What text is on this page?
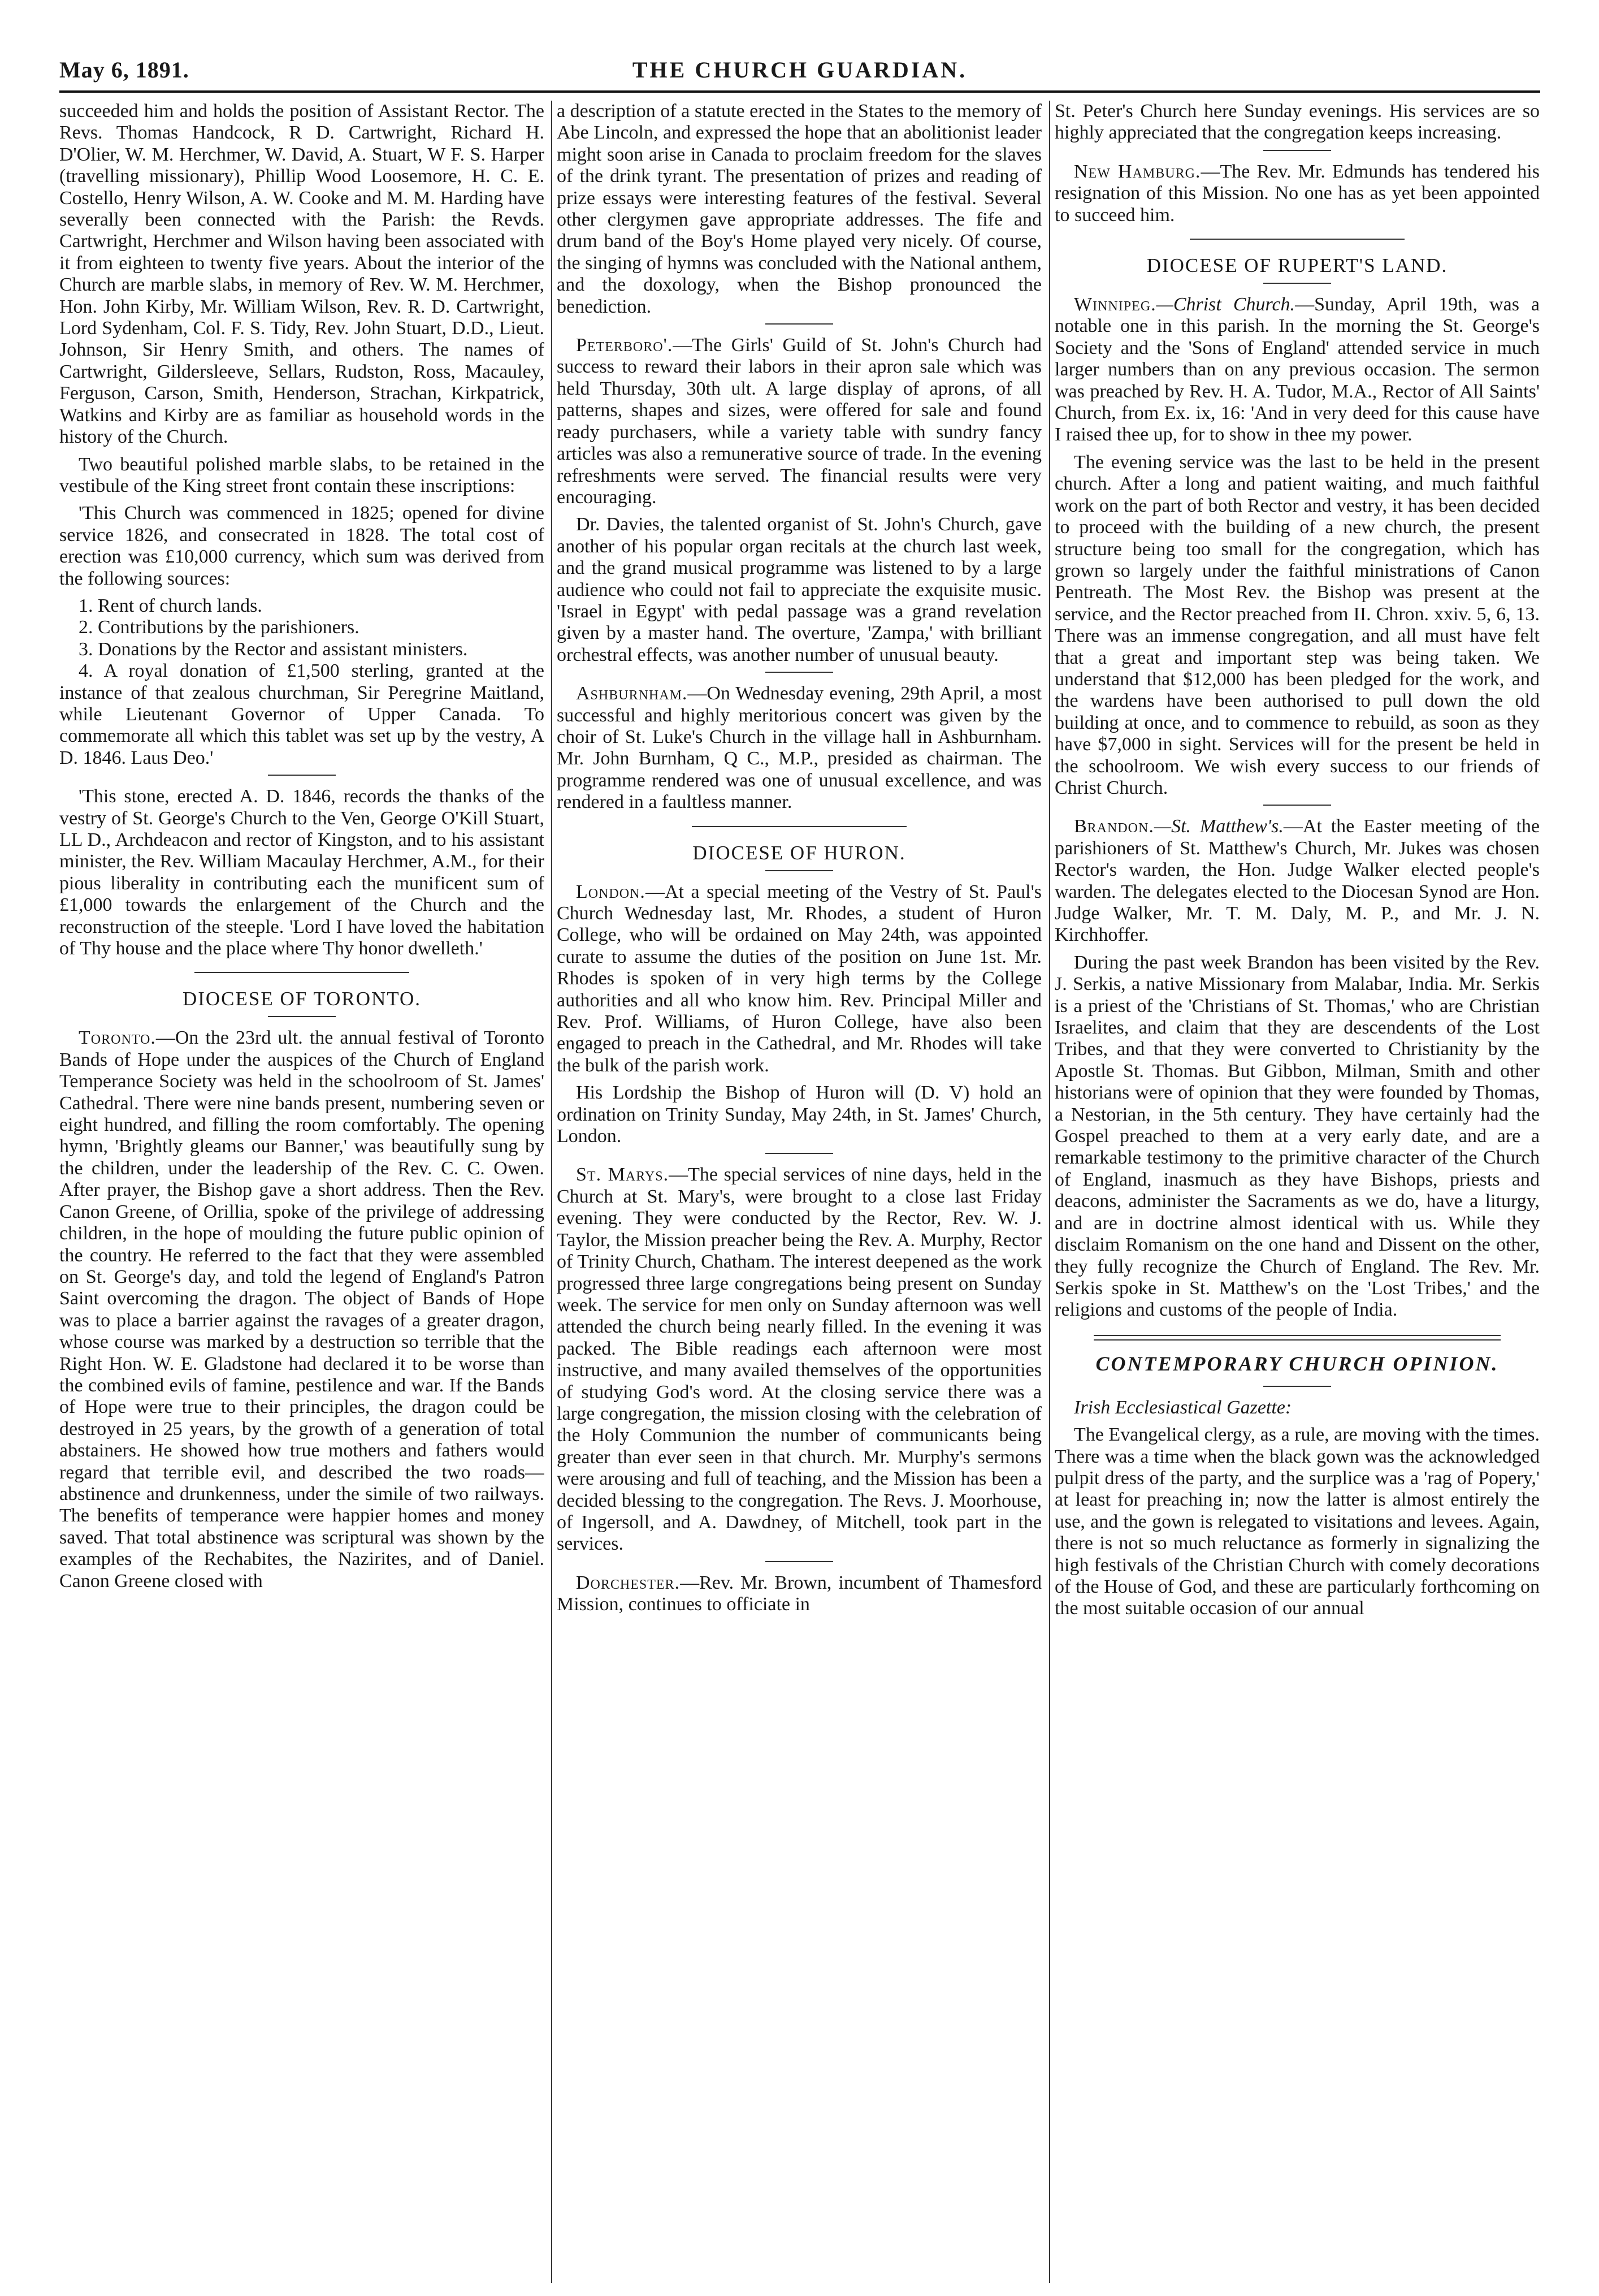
May 6, 1891.	THE CHURCH GUARDIAN.

succeeded him and holds the position of Assistant Rector. The Revs. Thomas Handcock, R D. Cartwright, Richard H. D'Olier, W. M. Herchmer, W. David, A. Stuart, W F. S. Harper (travelling missionary), Phillip Wood Loosemore, H. C. E. Costello, Henry Wilson, A. W. Cooke and M. M. Harding have severally been connected with the Parish: the Revds. Cartwright, Herchmer and Wilson having been associated with it from eighteen to twenty five years. About the interior of the Church are marble slabs, in memory of Rev. W. M. Herchmer, Hon. John Kirby, Mr. William Wilson, Rev. R. D. Cartwright, Lord Sydenham, Col. F. S. Tidy, Rev. John Stuart, D.D., Lieut. Johnson, Sir Henry Smith, and others. The names of Cartwright, Gildersleeve, Sellars, Rudston, Ross, Macauley, Ferguson, Carson, Smith, Henderson, Strachan, Kirkpatrick, Watkins and Kirby are as familiar as household words in the history of the Church.

Two beautiful polished marble slabs, to be retained in the vestibule of the King street front contain these inscriptions:

'This Church was commenced in 1825; opened for divine service 1826, and consecrated in 1828. The total cost of erection was £10,000 currency, which sum was derived from the following sources:

1. Rent of church lands.
2. Contributions by the parishioners.
3. Donations by the Rector and assistant ministers.

4. A royal donation of £1,500 sterling, granted at the instance of that zealous churchman, Sir Peregrine Maitland, while Lieutenant Governor of Upper Canada. To commemorate all which this tablet was set up by the vestry, A D. 1846. Laus Deo.'

'This stone, erected A. D. 1846, records the thanks of the vestry of St. George's Church to the Ven, George O'Kill Stuart, LL D., Archdeacon and rector of Kingston, and to his assistant minister, the Rev. William Macaulay Herchmer, A.M., for their pious liberality in contributing each the munificent sum of £1,000 towards the enlargement of the Church and the reconstruction of the steeple. 'Lord I have loved the habitation of Thy house and the place where Thy honor dwelleth.'

DIOCESE OF TORONTO.

Toronto.—On the 23rd ult. the annual festival of Toronto Bands of Hope under the auspices of the Church of England Temperance Society was held in the schoolroom of St. James' Cathedral. There were nine bands present, numbering seven or eight hundred, and filling the room comfortably. The opening hymn, 'Brightly gleams our Banner,' was beautifully sung by the children, under the leadership of the Rev. C. C. Owen. After prayer, the Bishop gave a short address. Then the Rev. Canon Greene, of Orillia, spoke of the privilege of addressing children, in the hope of moulding the future public opinion of the country. He referred to the fact that they were assembled on St. George's day, and told the legend of England's Patron Saint overcoming the dragon. The object of Bands of Hope was to place a barrier against the ravages of a greater dragon, whose course was marked by a destruction so terrible that the Right Hon. W. E. Gladstone had declared it to be worse than the combined evils of famine, pestilence and war. If the Bands of Hope were true to their principles, the dragon could be destroyed in 25 years, by the growth of a generation of total abstainers. He showed how true mothers and fathers would regard that terrible evil, and described the two roads—abstinence and drunkenness, under the simile of two railways. The benefits of temperance were happier homes and money saved. That total abstinence was scriptural was shown by the examples of the Rechabites, the Nazirites, and of Daniel. Canon Greene closed with

a description of a statute erected in the States to the memory of Abe Lincoln, and expressed the hope that an abolitionist leader might soon arise in Canada to proclaim freedom for the slaves of the drink tyrant. The presentation of prizes and reading of prize essays were interesting features of the festival. Several other clergymen gave appropriate addresses. The fife and drum band of the Boy's Home played very nicely. Of course, the singing of hymns was concluded with the National anthem, and the doxology, when the Bishop pronounced the benediction.

Peterboro'.—The Girls' Guild of St. John's Church had success to reward their labors in their apron sale which was held Thursday, 30th ult. A large display of aprons, of all patterns, shapes and sizes, were offered for sale and found ready purchasers, while a variety table with sundry fancy articles was also a remunerative source of trade. In the evening refreshments were served. The financial results were very encouraging.

Dr. Davies, the talented organist of St. John's Church, gave another of his popular organ recitals at the church last week, and the grand musical programme was listened to by a large audience who could not fail to appreciate the exquisite music. 'Israel in Egypt' with pedal passage was a grand revelation given by a master hand. The overture, 'Zampa,' with brilliant orchestral effects, was another number of unusual beauty.

Ashburnham.—On Wednesday evening, 29th April, a most successful and highly meritorious concert was given by the choir of St. Luke's Church in the village hall in Ashburnham. Mr. John Burnham, Q C., M.P., presided as chairman. The programme rendered was one of unusual excellence, and was rendered in a faultless manner.

DIOCESE OF HURON.

London.—At a special meeting of the Vestry of St. Paul's Church Wednesday last, Mr. Rhodes, a student of Huron College, who will be ordained on May 24th, was appointed curate to assume the duties of the position on June 1st. Mr. Rhodes is spoken of in very high terms by the College authorities and all who know him. Rev. Principal Miller and Rev. Prof. Williams, of Huron College, have also been engaged to preach in the Cathedral, and Mr. Rhodes will take the bulk of the parish work.

His Lordship the Bishop of Huron will (D. V) hold an ordination on Trinity Sunday, May 24th, in St. James' Church, London.

St. Marys.—The special services of nine days, held in the Church at St. Mary's, were brought to a close last Friday evening. They were conducted by the Rector, Rev. W. J. Taylor, the Mission preacher being the Rev. A. Murphy, Rector of Trinity Church, Chatham. The interest deepened as the work progressed three large congregations being present on Sunday week. The service for men only on Sunday afternoon was well attended the church being nearly filled. In the evening it was packed. The Bible readings each afternoon were most instructive, and many availed themselves of the opportunities of studying God's word. At the closing service there was a large congregation, the mission closing with the celebration of the Holy Communion the number of communicants being greater than ever seen in that church. Mr. Murphy's sermons were arousing and full of teaching, and the Mission has been a decided blessing to the congregation. The Revs. J. Moorhouse, of Ingersoll, and A. Dawdney, of Mitchell, took part in the services.

Dorchester.—Rev. Mr. Brown, incumbent of Thamesford Mission, continues to officiate in

St. Peter's Church here Sunday evenings. His services are so highly appreciated that the congregation keeps increasing.

New Hamburg.—The Rev. Mr. Edmunds has tendered his resignation of this Mission. No one has as yet been appointed to succeed him.

DIOCESE OF RUPERT'S LAND.

Winnipeg.—Christ Church.—Sunday, April 19th, was a notable one in this parish. In the morning the St. George's Society and the 'Sons of England' attended service in much larger numbers than on any previous occasion. The sermon was preached by Rev. H. A. Tudor, M.A., Rector of All Saints' Church, from Ex. ix, 16: 'And in very deed for this cause have I raised thee up, for to show in thee my power.

The evening service was the last to be held in the present church. After a long and patient waiting, and much faithful work on the part of both Rector and vestry, it has been decided to proceed with the building of a new church, the present structure being too small for the congregation, which has grown so largely under the faithful ministrations of Canon Pentreath. The Most Rev. the Bishop was present at the service, and the Rector preached from II. Chron. xxiv. 5, 6, 13. There was an immense congregation, and all must have felt that a great and important step was being taken. We understand that $12,000 has been pledged for the work, and the wardens have been authorised to pull down the old building at once, and to commence to rebuild, as soon as they have $7,000 in sight. Services will for the present be held in the schoolroom. We wish every success to our friends of Christ Church.

Brandon.—St. Matthew's.—At the Easter meeting of the parishioners of St. Matthew's Church, Mr. Jukes was chosen Rector's warden, the Hon. Judge Walker elected people's warden. The delegates elected to the Diocesan Synod are Hon. Judge Walker, Mr. T. M. Daly, M. P., and Mr. J. N. Kirchhoffer.

During the past week Brandon has been visited by the Rev. J. Serkis, a native Missionary from Malabar, India. Mr. Serkis is a priest of the 'Christians of St. Thomas,' who are Christian Israelites, and claim that they are descendents of the Lost Tribes, and that they were converted to Christianity by the Apostle St. Thomas. But Gibbon, Milman, Smith and other historians were of opinion that they were founded by Thomas, a Nestorian, in the 5th century. They have certainly had the Gospel preached to them at a very early date, and are a remarkable testimony to the primitive character of the Church of England, inasmuch as they have Bishops, priests and deacons, administer the Sacraments as we do, have a liturgy, and are in doctrine almost identical with us. While they disclaim Romanism on the one hand and Dissent on the other, they fully recognize the Church of England. The Rev. Mr. Serkis spoke in St. Matthew's on the 'Lost Tribes,' and the religions and customs of the people of India.

CONTEMPORARY CHURCH OPINION.
Irish Ecclesiastical Gazette:

The Evangelical clergy, as a rule, are moving with the times. There was a time when the black gown was the acknowledged pulpit dress of the party, and the surplice was a 'rag of Popery,' at least for preaching in; now the latter is almost entirely the use, and the gown is relegated to visitations and levees. Again, there is not so much reluctance as formerly in signalizing the high festivals of the Christian Church with comely decorations of the House of God, and these are particularly forthcoming on the most suitable occasion of our annual
